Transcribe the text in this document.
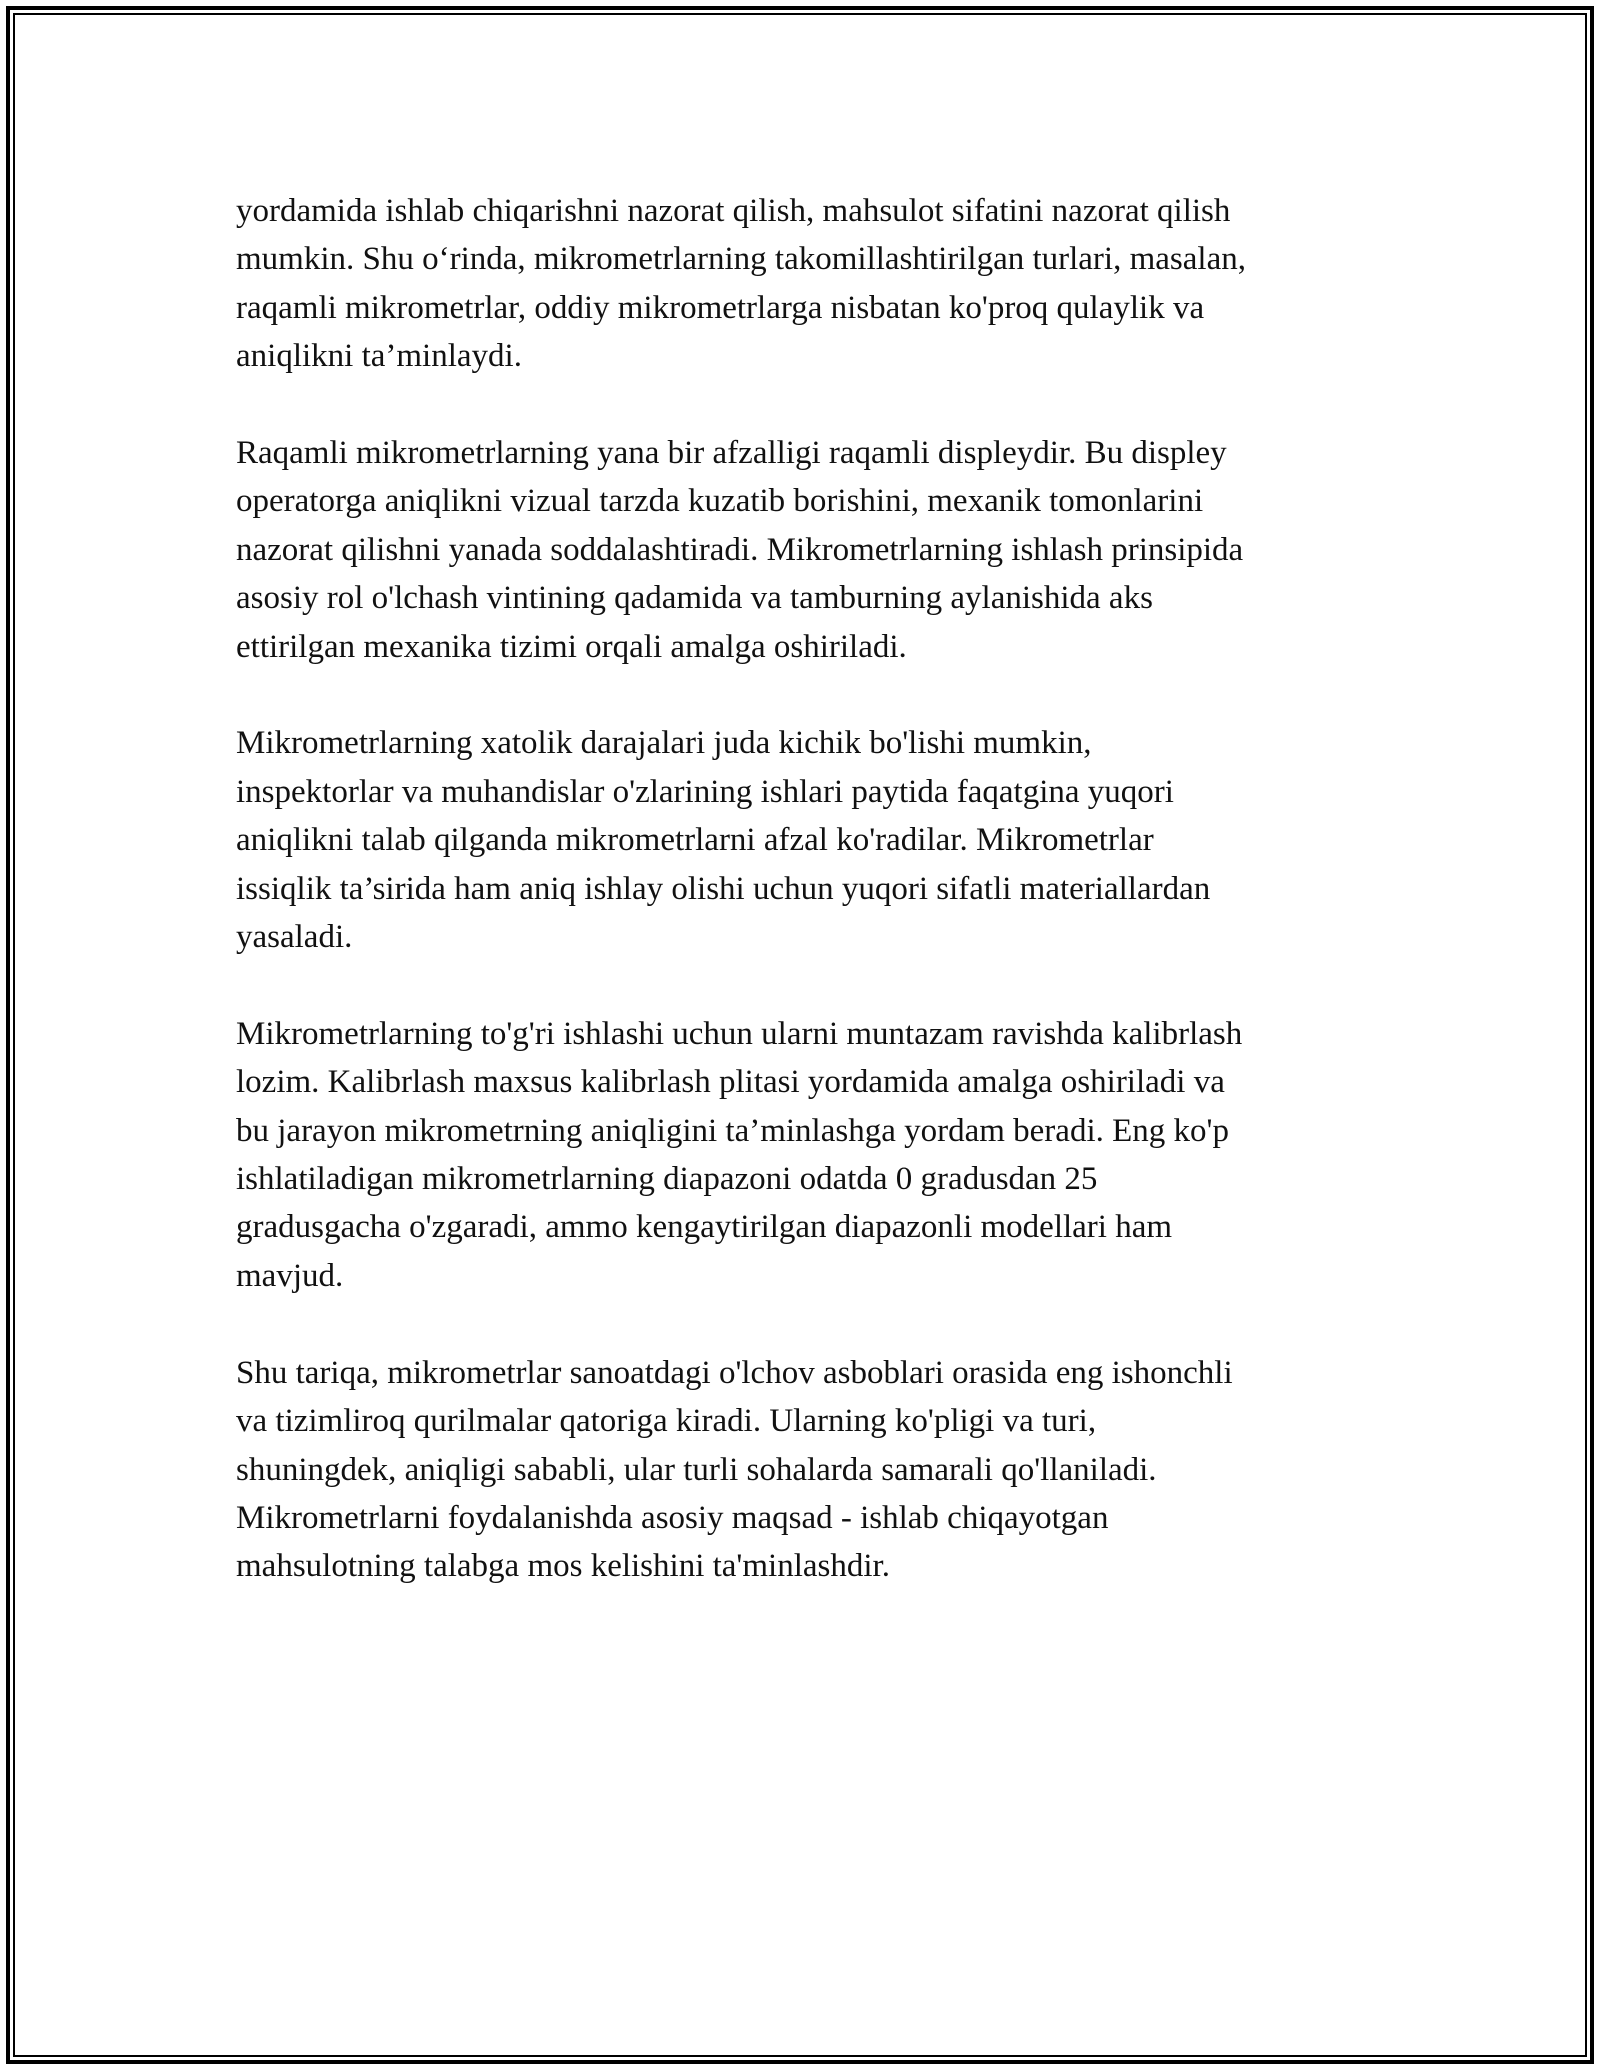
yordamida ishlab chiqarishni nazorat qilish, mahsulot sifatini nazorat qilish
mumkin. Shu o‘rinda, mikrometrlarning takomillashtirilgan turlari, masalan,
raqamli mikrometrlar, oddiy mikrometrlarga nisbatan ko'proq qulaylik va
aniqlikni ta’minlaydi.

Raqamli mikrometrlarning yana bir afzalligi raqamli displeydir. Bu displey
operatorga aniqlikni vizual tarzda kuzatib borishini, mexanik tomonlarini
nazorat qilishni yanada soddalashtiradi. Mikrometrlarning ishlash prinsipida
asosiy rol o'lchash vintining qadamida va tamburning aylanishida aks
ettirilgan mexanika tizimi orqali amalga oshiriladi.

Mikrometrlarning xatolik darajalari juda kichik bo'lishi mumkin,
inspektorlar va muhandislar o'zlarining ishlari paytida faqatgina yuqori
aniqlikni talab qilganda mikrometrlarni afzal ko'radilar. Mikrometrlar
issiqlik ta’sirida ham aniq ishlay olishi uchun yuqori sifatli materiallardan
yasaladi.

Mikrometrlarning to'g'ri ishlashi uchun ularni muntazam ravishda kalibrlash
lozim. Kalibrlash maxsus kalibrlash plitasi yordamida amalga oshiriladi va
bu jarayon mikrometrning aniqligini ta’minlashga yordam beradi. Eng ko'p
ishlatiladigan mikrometrlarning diapazoni odatda 0 gradusdan 25
gradusgacha o'zgaradi, ammo kengaytirilgan diapazonli modellari ham
mavjud.

Shu tariqa, mikrometrlar sanoatdagi o'lchov asboblari orasida eng ishonchli
va tizimliroq qurilmalar qatoriga kiradi. Ularning ko'pligi va turi,
shuningdek, aniqligi sababli, ular turli sohalarda samarali qo'llaniladi.
Mikrometrlarni foydalanishda asosiy maqsad - ishlab chiqayotgan
mahsulotning talabga mos kelishini ta'minlashdir.
